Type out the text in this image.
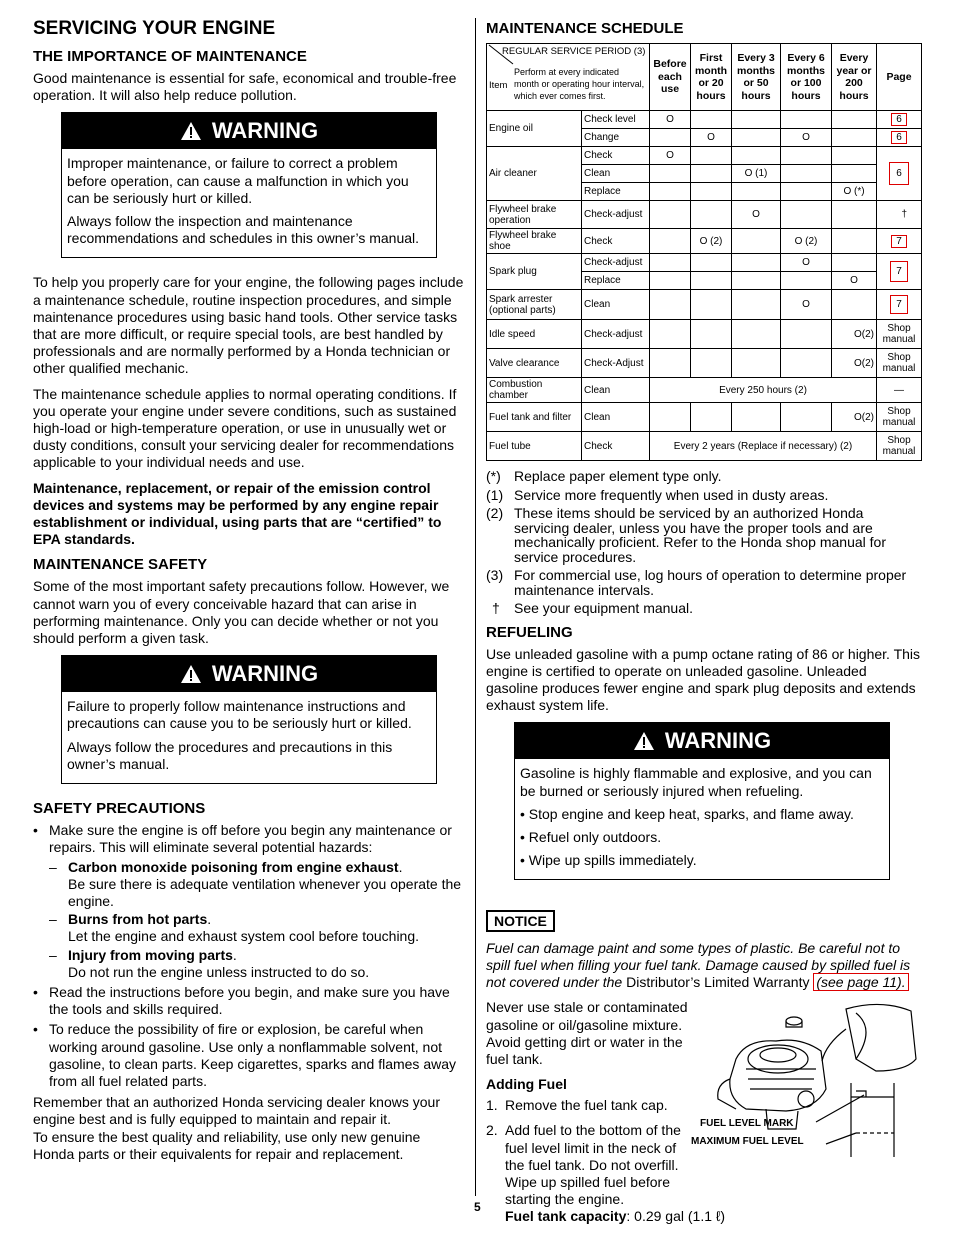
SERVICING YOUR ENGINE
THE IMPORTANCE OF MAINTENANCE

Good maintenance is essential for safe, economical and trouble-free operation. It will also help reduce pollution.

WARNING

Improper maintenance, or failure to correct a problem before operation, can cause a malfunction in which you can be seriously hurt or killed.

Always follow the inspection and maintenance recommendations and schedules in this owner’s manual.

To help you properly care for your engine, the following pages include a maintenance schedule, routine inspection procedures, and simple maintenance procedures using basic hand tools. Other service tasks that are more difficult, or require special tools, are best handled by professionals and are normally performed by a Honda technician or other qualified mechanic.

The maintenance schedule applies to normal operating conditions. If you operate your engine under severe conditions, such as sustained high-load or high-temperature operation, or use in unusually wet or dusty conditions, consult your servicing dealer for recommendations applicable to your individual needs and use.

Maintenance, replacement, or repair of the emission control devices and systems may be performed by any engine repair establishment or individual, using parts that are “certified” to EPA standards.

MAINTENANCE SAFETY

Some of the most important safety precautions follow. However, we cannot warn you of every conceivable hazard that can arise in performing maintenance. Only you can decide whether or not you should perform a given task.

WARNING

Failure to properly follow maintenance instructions and precautions can cause you to be seriously hurt or killed.

Always follow the procedures and precautions in this owner’s manual.

SAFETY PRECAUTIONS
• Make sure the engine is off before you begin any maintenance or repairs. This will eliminate several potential hazards:
– Carbon monoxide poisoning from engine exhaust.
Be sure there is adequate ventilation whenever you operate the engine.
– Burns from hot parts.
Let the engine and exhaust system cool before touching.
– Injury from moving parts.
Do not run the engine unless instructed to do so.
• Read the instructions before you begin, and make sure you have the tools and skills required.
• To reduce the possibility of fire or explosion, be careful when working around gasoline. Use only a nonflammable solvent, not gasoline, to clean parts. Keep cigarettes, sparks and flames away from all fuel related parts.

Remember that an authorized Honda servicing dealer knows your engine best and is fully equipped to maintain and repair it.

To ensure the best quality and reliability, use only new genuine Honda parts or their equivalents for repair and replacement.

MAINTENANCE SCHEDULE
REGULAR SERVICE PERIOD (3)
Item
Perform at every indicated month or operating hour interval, which ever comes first.		Before each use	First month or 20 hours	Every 3 months or 50 hours	Every 6 months or 100 hours	Every year or 200 hours	Page
Engine oil	Check level	O					6
	Change		O		O		6
Air cleaner	Check	O					6
	Clean			O (1)			
	Replace					O (*)	
Flywheel brake operation	Check-adjust			O			†
Flywheel brake shoe	Check		O (2)		O (2)		7
Spark plug	Check-adjust				O		7
	Replace					O	
Spark arrester (optional parts)	Clean				O		7
Idle speed	Check-adjust					O(2)	Shop manual
Valve clearance	Check-Adjust					O(2)	Shop manual
Combustion chamber	Clean	Every 250 hours (2)					—
Fuel tank and filter	Clean					O(2)	Shop manual
Fuel tube	Check	Every 2 years (Replace if necessary) (2)					Shop manual
(*) Replace paper element type only.
(1) Service more frequently when used in dusty areas.
(2) These items should be serviced by an authorized Honda servicing dealer, unless you have the proper tools and are mechanically proficient. Refer to the Honda shop manual for service procedures.
(3) For commercial use, log hours of operation to determine proper maintenance intervals.
†	See your equipment manual.
REFUELING

Use unleaded gasoline with a pump octane rating of 86 or higher. This engine is certified to operate on unleaded gasoline. Unleaded gasoline produces fewer engine and spark plug deposits and extends exhaust system life.

WARNING

Gasoline is highly flammable and explosive, and you can be burned or seriously injured when refueling.

• Stop engine and keep heat, sparks, and flame away.
• Refuel only outdoors.
• Wipe up spills immediately.
NOTICE

Fuel can damage paint and some types of plastic. Be careful not to spill fuel when filling your fuel tank. Damage caused by spilled fuel is not covered under the Distributor’s Limited Warranty (see page 11).

Never use stale or contaminated gasoline or oil/gasoline mixture. Avoid getting dirt or water in the fuel tank.

Adding Fuel
1. Remove the fuel tank cap.
2. Add fuel to the bottom of the fuel level limit in the neck of the fuel tank. Do not overfill. Wipe up spilled fuel before starting the engine.
Fuel tank capacity: 0.29 gal (1.1 ℓ)
FUEL LEVEL MARK
MAXIMUM FUEL LEVEL
5
